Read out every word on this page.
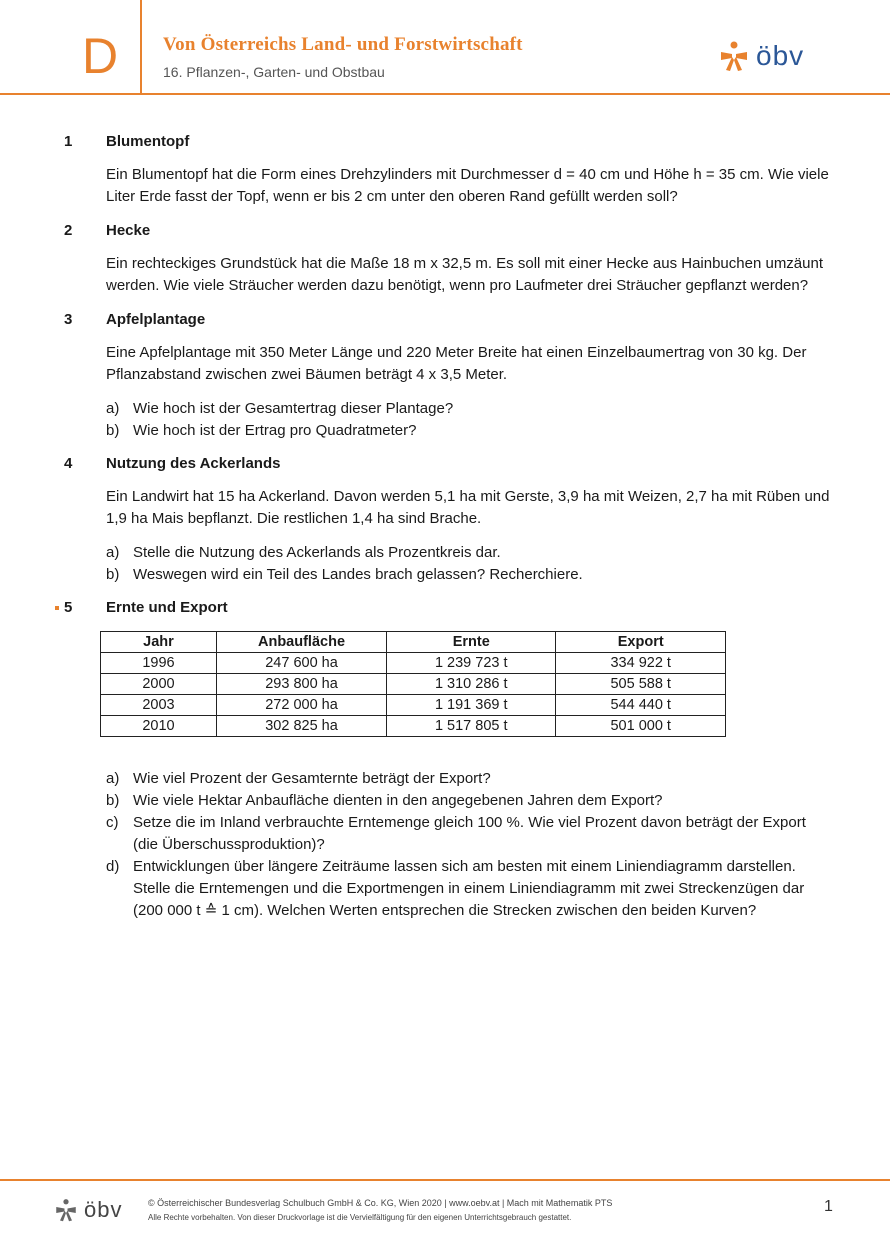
D Von Österreichs Land- und Forstwirtschaft
16. Pflanzen-, Garten- und Obstbau
öbv
1 Blumentopf
Ein Blumentopf hat die Form eines Drehzylinders mit Durchmesser d = 40 cm und Höhe h = 35 cm. Wie viele Liter Erde fasst der Topf, wenn er bis 2 cm unter den oberen Rand gefüllt werden soll?
2 Hecke
Ein rechteckiges Grundstück hat die Maße 18 m x 32,5 m. Es soll mit einer Hecke aus Hainbuchen umzäunt werden. Wie viele Sträucher werden dazu benötigt, wenn pro Laufmeter drei Sträucher gepflanzt werden?
3 Apfelplantage
Eine Apfelplantage mit 350 Meter Länge und 220 Meter Breite hat einen Einzelbaumertrag von 30 kg. Der Pflanzabstand zwischen zwei Bäumen beträgt 4 x 3,5 Meter.
a) Wie hoch ist der Gesamtertrag dieser Plantage?
b) Wie hoch ist der Ertrag pro Quadratmeter?
4 Nutzung des Ackerlands
Ein Landwirt hat 15 ha Ackerland. Davon werden 5,1 ha mit Gerste, 3,9 ha mit Weizen, 2,7 ha mit Rüben und 1,9 ha Mais bepflanzt. Die restlichen 1,4 ha sind Brache.
a) Stelle die Nutzung des Ackerlands als Prozentkreis dar.
b) Weswegen wird ein Teil des Landes brach gelassen? Recherchiere.
5 Ernte und Export
Jahr	Anbaufläche	Ernte	Export
1996	247 600 ha	1 239 723 t	334 922 t
2000	293 800 ha	1 310 286 t	505 588 t
2003	272 000 ha	1 191 369 t	544 440 t
2010	302 825 ha	1 517 805 t	501 000 t
a) Wie viel Prozent der Gesamternte beträgt der Export?
b) Wie viele Hektar Anbaufläche dienten in den angegebenen Jahren dem Export?
c) Setze die im Inland verbrauchte Erntemenge gleich 100 %. Wie viel Prozent davon beträgt der Export (die Überschussproduktion)?
d) Entwicklungen über längere Zeiträume lassen sich am besten mit einem Liniendiagramm darstellen. Stelle die Erntemengen und die Exportmengen in einem Liniendiagramm mit zwei Streckenzügen dar (200 000 t ≙ 1 cm). Welchen Werten entsprechen die Strecken zwischen den beiden Kurven?
öbv	© Österreichischer Bundesverlag Schulbuch GmbH & Co. KG, Wien 2020 | www.oebv.at | Mach mit Mathematik PTS
Alle Rechte vorbehalten. Von dieser Druckvorlage ist die Vervielfältigung für den eigenen Unterrichtsgebrauch gestattet.
1
